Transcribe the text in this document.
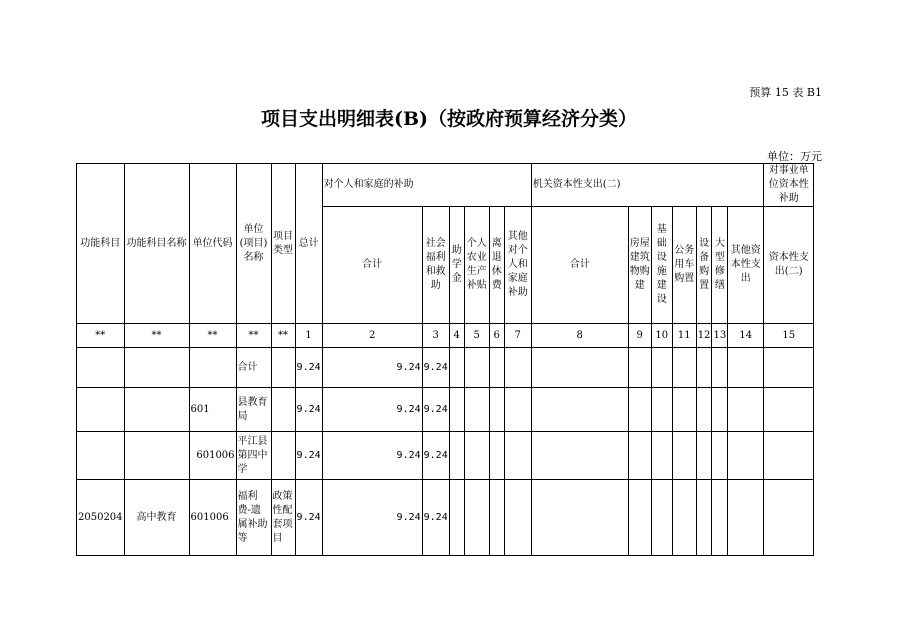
预算 15 表 B1
项目支出明细表(B)（按政府预算经济分类）
单位：万元
功能科目	功能科目名称	单位代码	单位(项目)名称	项目类型	总计	对个人和家庭的补助						机关资本性支出(二)							对事业单位资本性补助
						合计	社会福利和救助	助学金	个人农业生产补贴	离退休费	其他对个人和家庭补助	合计	房屋建筑物购建	基础设施建设	公务用车购置	设备购置	大型修缮	其他资本性支出	资本性支出(二)
**	**	**	**	**	1	2	3	4	5	6	7	8	9	10	11	12	13	14	15
			合计		9.24	9.24	9.24												
		601	县教育局		9.24	9.24	9.24												
		601006	平江县第四中学		9.24	9.24	9.24												
2050204	高中教育	601006	福利费-遗属补助等	政策性配套项目	9.24	9.24	9.24												
